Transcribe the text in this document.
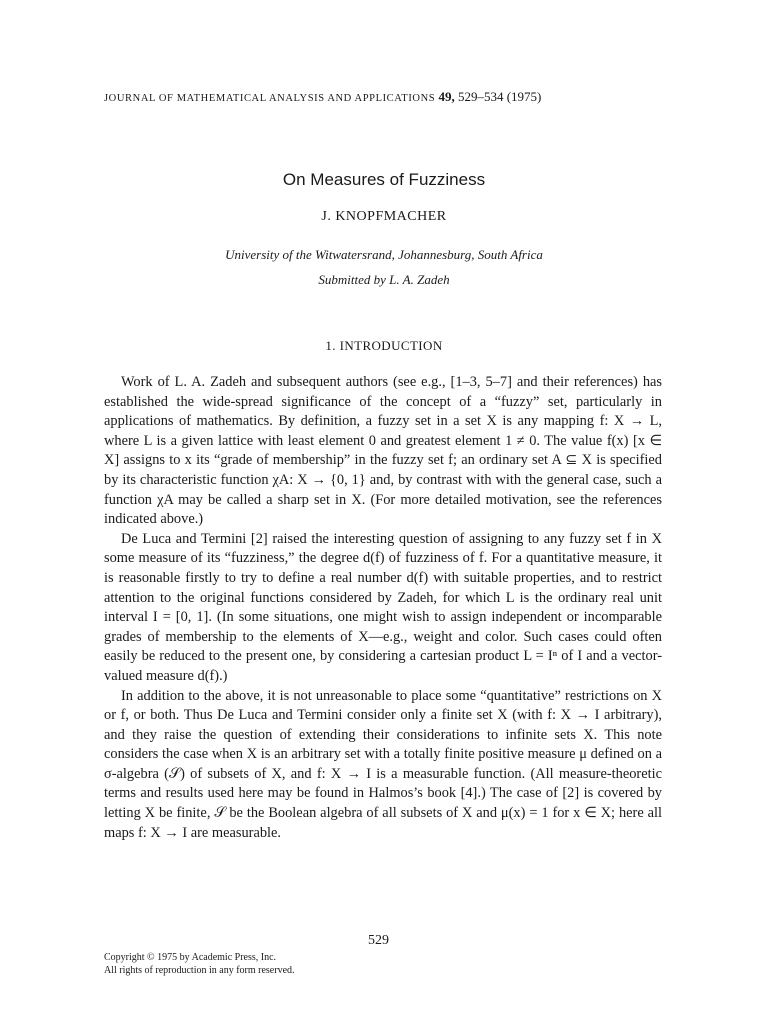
JOURNAL OF MATHEMATICAL ANALYSIS AND APPLICATIONS 49, 529–534 (1975)
On Measures of Fuzziness
J. KNOPFMACHER
University of the Witwatersrand, Johannesburg, South Africa
Submitted by L. A. Zadeh
1. INTRODUCTION

Work of L. A. Zadeh and subsequent authors (see e.g., [1–3, 5–7] and their references) has established the wide-spread significance of the concept of a “fuzzy” set, particularly in applications of mathematics. By definition, a fuzzy set in a set X is any mapping f: X → L, where L is a given lattice with least element 0 and greatest element 1 ≠ 0. The value f(x) [x ∈ X] assigns to x its “grade of membership” in the fuzzy set f; an ordinary set A ⊆ X is specified by its characteristic function χA: X → {0, 1} and, by contrast with with the general case, such a function χA may be called a sharp set in X. (For more detailed motivation, see the references indicated above.)

De Luca and Termini [2] raised the interesting question of assigning to any fuzzy set f in X some measure of its “fuzziness,” the degree d(f) of fuzziness of f. For a quantitative measure, it is reasonable firstly to try to define a real number d(f) with suitable properties, and to restrict attention to the original functions considered by Zadeh, for which L is the ordinary real unit interval I = [0, 1]. (In some situations, one might wish to assign independent or incomparable grades of membership to the elements of X—e.g., weight and color. Such cases could often easily be reduced to the present one, by considering a cartesian product L = Iⁿ of I and a vector-valued measure d(f).)

In addition to the above, it is not unreasonable to place some “quantitative” restrictions on X or f, or both. Thus De Luca and Termini consider only a finite set X (with f: X → I arbitrary), and they raise the question of extending their considerations to infinite sets X. This note considers the case when X is an arbitrary set with a totally finite positive measure μ defined on a σ-algebra (𝒮) of subsets of X, and f: X → I is a measurable function. (All measure-theoretic terms and results used here may be found in Halmos’s book [4].) The case of [2] is covered by letting X be finite, 𝒮 be the Boolean algebra of all subsets of X and μ(x) = 1 for x ∈ X; here all maps f: X → I are measurable.

529
Copyright © 1975 by Academic Press, Inc.
All rights of reproduction in any form reserved.
